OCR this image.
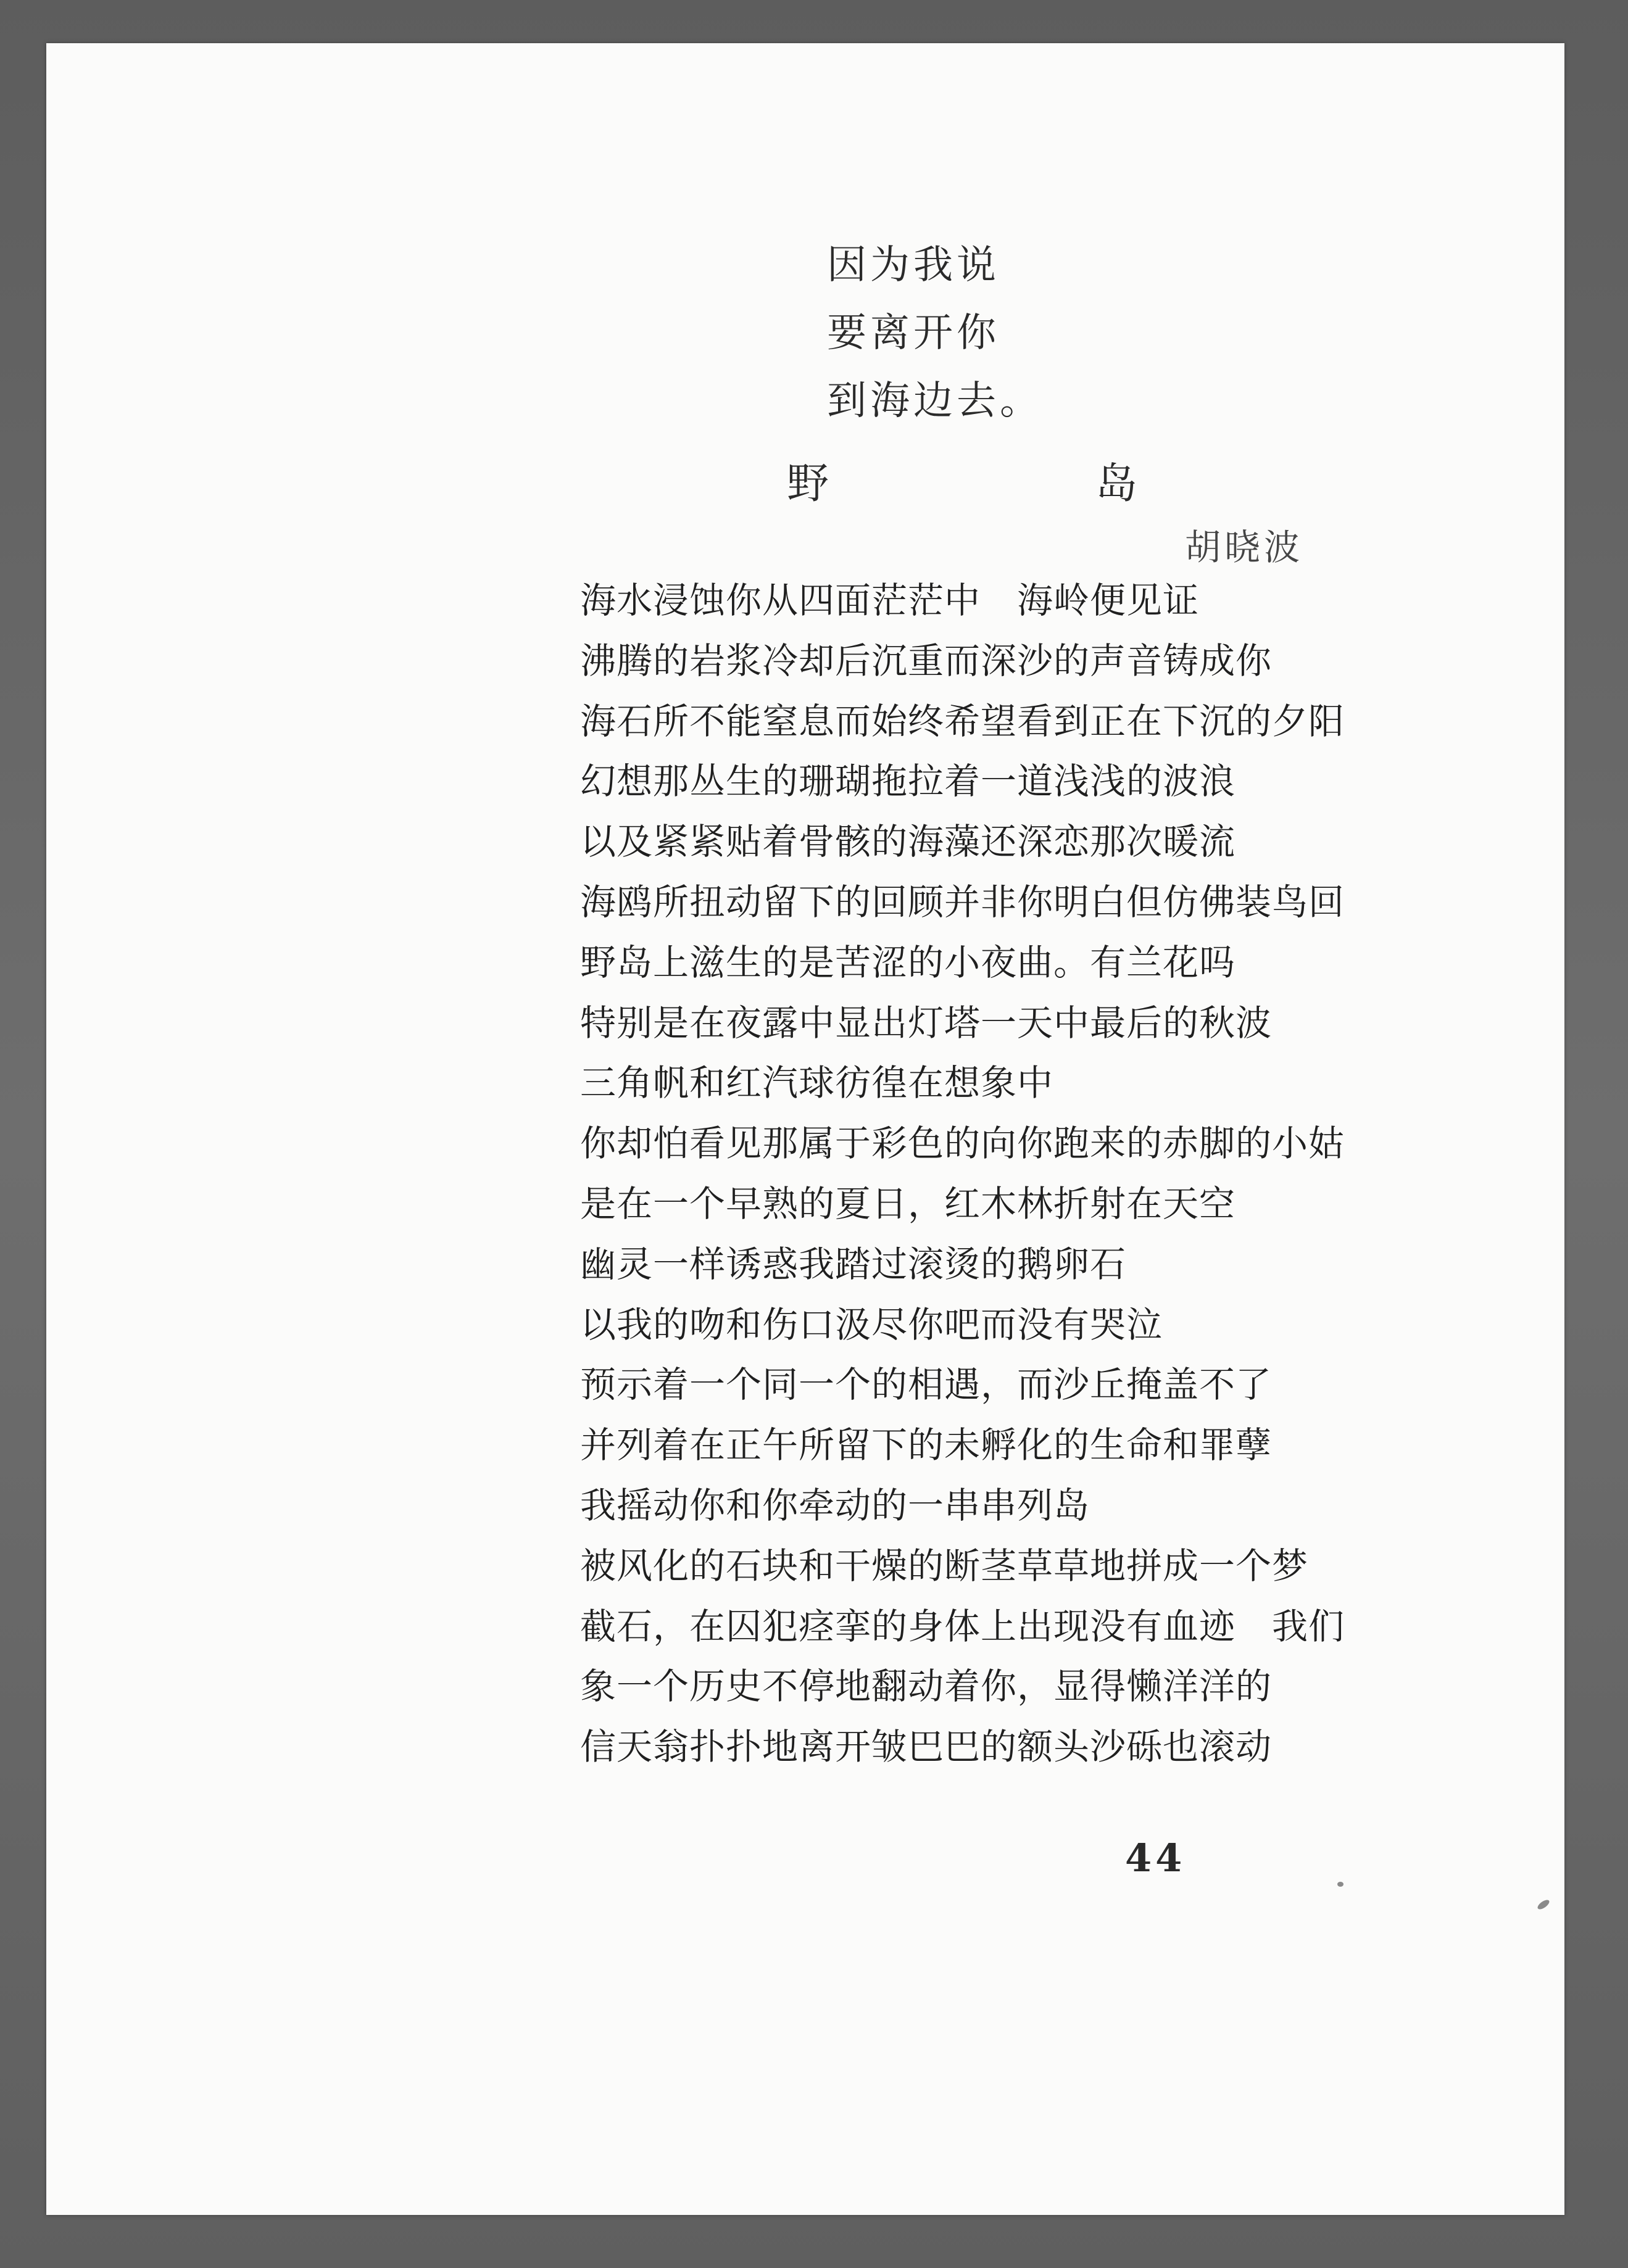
因为我说
要离开你
到海边去。
野	岛
胡晓波
海水浸蚀你从四面茫茫中　海岭便见证
沸腾的岩浆冷却后沉重而深沙的声音铸成你
海石所不能窒息而始终希望看到正在下沉的夕阳
幻想那丛生的珊瑚拖拉着一道浅浅的波浪
以及紧紧贴着骨骸的海藻还深恋那次暖流
海鸥所扭动留下的回顾并非你明白但仿佛装鸟回
野岛上滋生的是苦涩的小夜曲。有兰花吗
特别是在夜露中显出灯塔一天中最后的秋波
三角帆和红汽球彷徨在想象中
你却怕看见那属于彩色的向你跑来的赤脚的小姑
是在一个早熟的夏日，红木林折射在天空
幽灵一样诱惑我踏过滚烫的鹅卵石
以我的吻和伤口汲尽你吧而没有哭泣
预示着一个同一个的相遇，而沙丘掩盖不了
并列着在正午所留下的未孵化的生命和罪孽
我摇动你和你牵动的一串串列岛
被风化的石块和干燥的断茎草草地拼成一个梦
截石，在囚犯痉挛的身体上出现没有血迹　我们
象一个历史不停地翻动着你，显得懒洋洋的
信天翁扑扑地离开皱巴巴的额头沙砾也滚动
44
